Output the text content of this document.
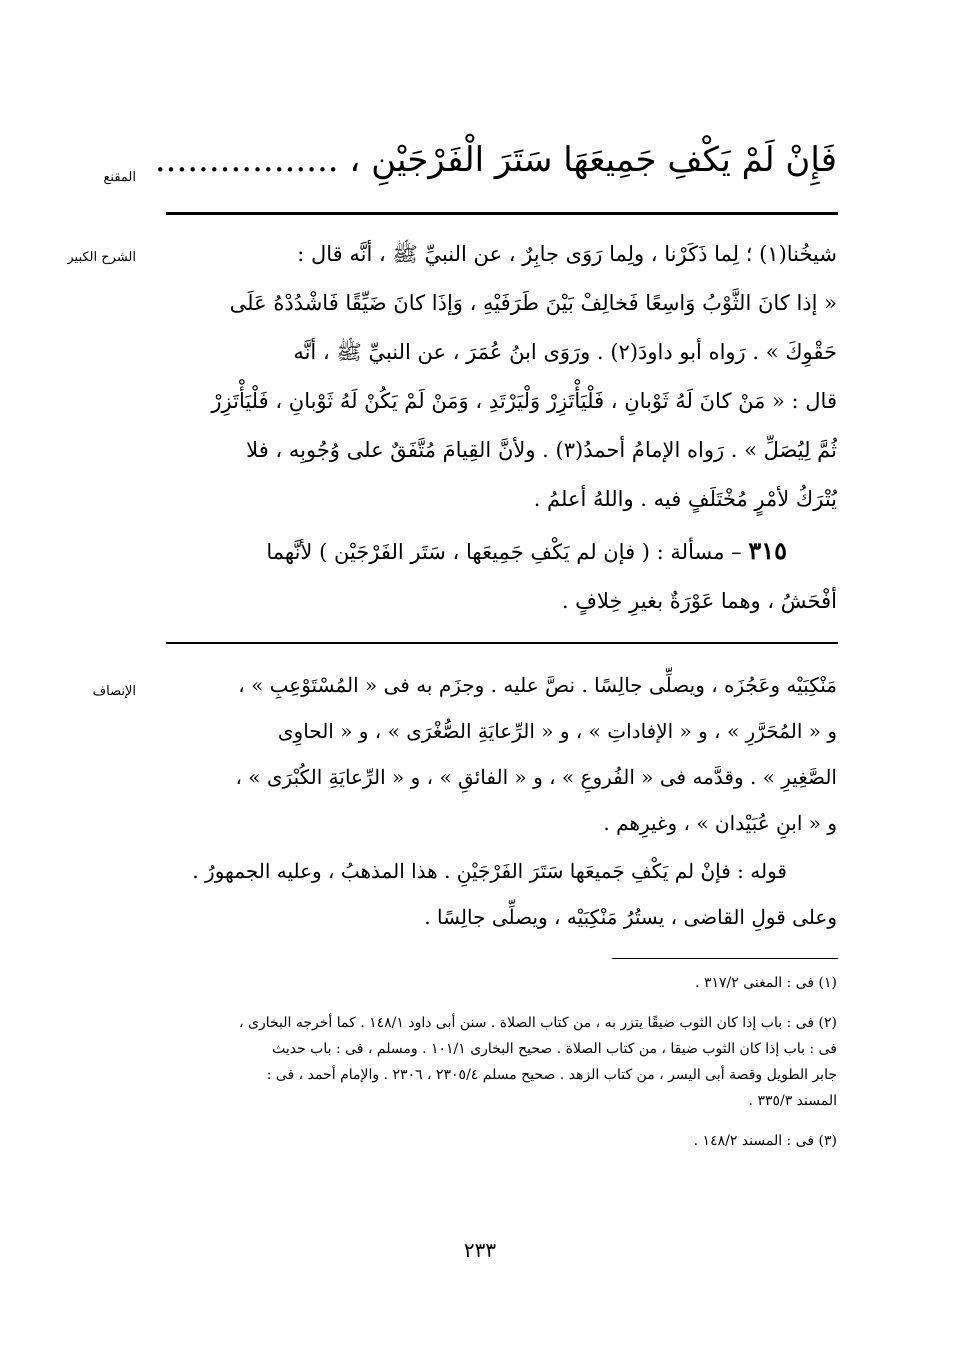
فَإِنْ لَمْ يَكْفِ جَمِيعَهَا سَتَرَ الْفَرْجَيْنِ ، .................
المقنع
الشرح الكبير	شيخُنا(١) ؛ لِما ذَكَرْنا ، ولِما رَوَى جابِرٌ ، عن النبيِّ ﷺ ، أنَّه قال :
« إذا كانَ الثَّوْبُ وَاسِعًا فَخالِفْ بَيْنَ طَرَفَيْهِ ، وَإذَا كانَ ضَيِّقًا فَاشْدُدْهُ عَلَى
حَقْوِكَ » . رَواه أبو داودَ(٢) . ورَوَى ابنُ عُمَرَ ، عن النبيِّ ﷺ ، أنَّه
قال : « مَنْ كانَ لَهُ ثَوْبانِ ، فَلْيَأْتَزِرْ وَلْيَرْتَدِ ، وَمَنْ لَمْ يَكُنْ لَهُ ثَوْبانِ ، فَلْيَأْتَزِرْ
ثُمَّ لِيُصَلِّ » . رَواه الإمامُ أحمدُ(٣) . ولأنَّ القِيامَ مُتَّفَقٌ على وُجُوبِه ، فلا
يُتْرَكُ لأمْرٍ مُخْتَلَفٍ فيه . واللهُ أعلمُ .
٣١٥ – مسألة : ( فإن لم يَكْفِ جَمِيعَها ، سَتَر الفَرْجَيْن ) لأنَّهما
أفْحَشُ ، وهما عَوْرَةٌ بغيرِ خِلافٍ .
الإنصاف	مَنْكِبَيْه وعَجُزَه ، ويصلِّى جالِسًا . نصَّ عليه . وجزَم به فى « المُسْتَوْعِبِ » ،
و « المُحَرَّرِ » ، و « الإفاداتِ » ، و « الرِّعايَةِ الصُّغْرَى » ، و « الحاوِى
الصَّغِيرِ » . وقدَّمه فى « الفُروعِ » ، و « الفائقِ » ، و « الرِّعايَةِ الكُبْرَى » ،
و « ابنِ عُبَيْدان » ، وغيرِهم .
قوله : فإنْ لم يَكْفِ جَميعَها سَتَرَ الفَرْجَيْنِ . هذا المذهبُ ، وعليه الجمهورُ .
وعلى قولِ القاضى ، يستُرُ مَنْكِبَيْه ، ويصلِّى جالِسًا .
(١) فى : المغنى ٣١٧/٢ .
(٢) فى : باب إذا كان الثوب ضيقًا يتزر به ، من كتاب الصلاة . سنن أبى داود ١٤٨/١ . كما أخرجه البخارى ،
فى : باب إذا كان الثوب ضيقا ، من كتاب الصلاة . صحيح البخارى ١٠١/١ . ومسلم ، فى : باب حديث
جابر الطويل وقصة أبى اليسر ، من كتاب الزهد . صحيح مسلم ٢٣٠٥/٤ ، ٢٣٠٦ . والإمام أحمد ، فى :
المسند ٣٣٥/٣ .
(٣) فى : المسند ١٤٨/٢ .
٢٣٣
